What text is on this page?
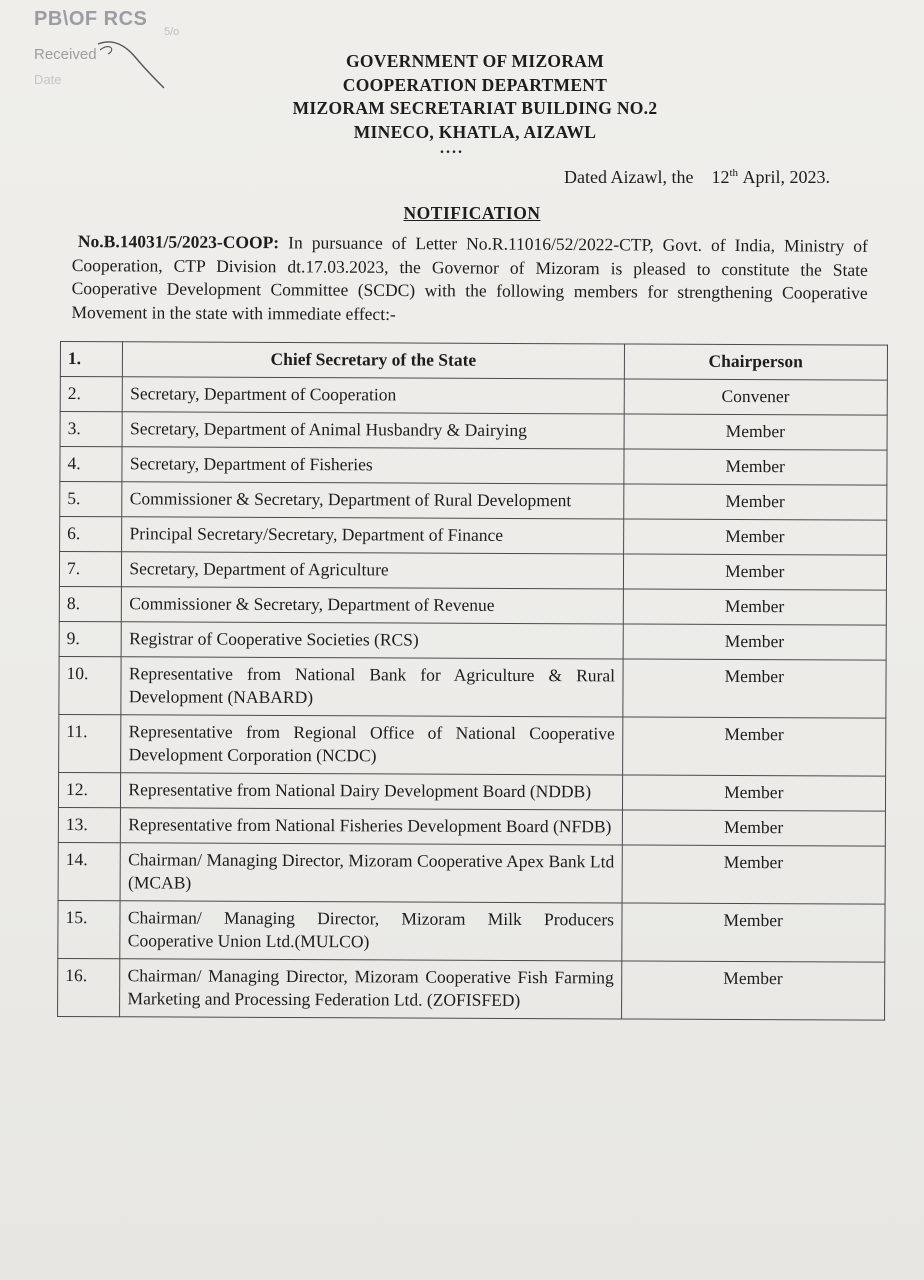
PB\OF RCS
Received
Date
5/o
GOVERNMENT OF MIZORAM
COOPERATION DEPARTMENT
MIZORAM SECRETARIAT BUILDING NO.2
MINECO, KHATLA, AIZAWL
....
Dated Aizawl, the 12th April, 2023.
NOTIFICATION
No.B.14031/5/2023-COOP: In pursuance of Letter No.R.11016/52/2022-CTP, Govt. of India, Ministry of Cooperation, CTP Division dt.17.03.2023, the Governor of Mizoram is pleased to constitute the State Cooperative Development Committee (SCDC) with the following members for strengthening Cooperative Movement in the state with immediate effect:-
1.	Chief Secretary of the State	Chairperson
2.	Secretary, Department of Cooperation	Convener
3.	Secretary, Department of Animal Husbandry & Dairying	Member
4.	Secretary, Department of Fisheries	Member
5.	Commissioner & Secretary, Department of Rural Development	Member
6.	Principal Secretary/Secretary, Department of Finance	Member
7.	Secretary, Department of Agriculture	Member
8.	Commissioner & Secretary, Department of Revenue	Member
9.	Registrar of Cooperative Societies (RCS)	Member
10.	Representative from National Bank for Agriculture & Rural Development (NABARD)	Member
11.	Representative from Regional Office of National Cooperative Development Corporation (NCDC)	Member
12.	Representative from National Dairy Development Board (NDDB)	Member
13.	Representative from National Fisheries Development Board (NFDB)	Member
14.	Chairman/ Managing Director, Mizoram Cooperative Apex Bank Ltd (MCAB)	Member
15.	Chairman/ Managing Director, Mizoram Milk Producers Cooperative Union Ltd.(MULCO)	Member
16.	Chairman/ Managing Director, Mizoram Cooperative Fish Farming Marketing and Processing Federation Ltd. (ZOFISFED)	Member
